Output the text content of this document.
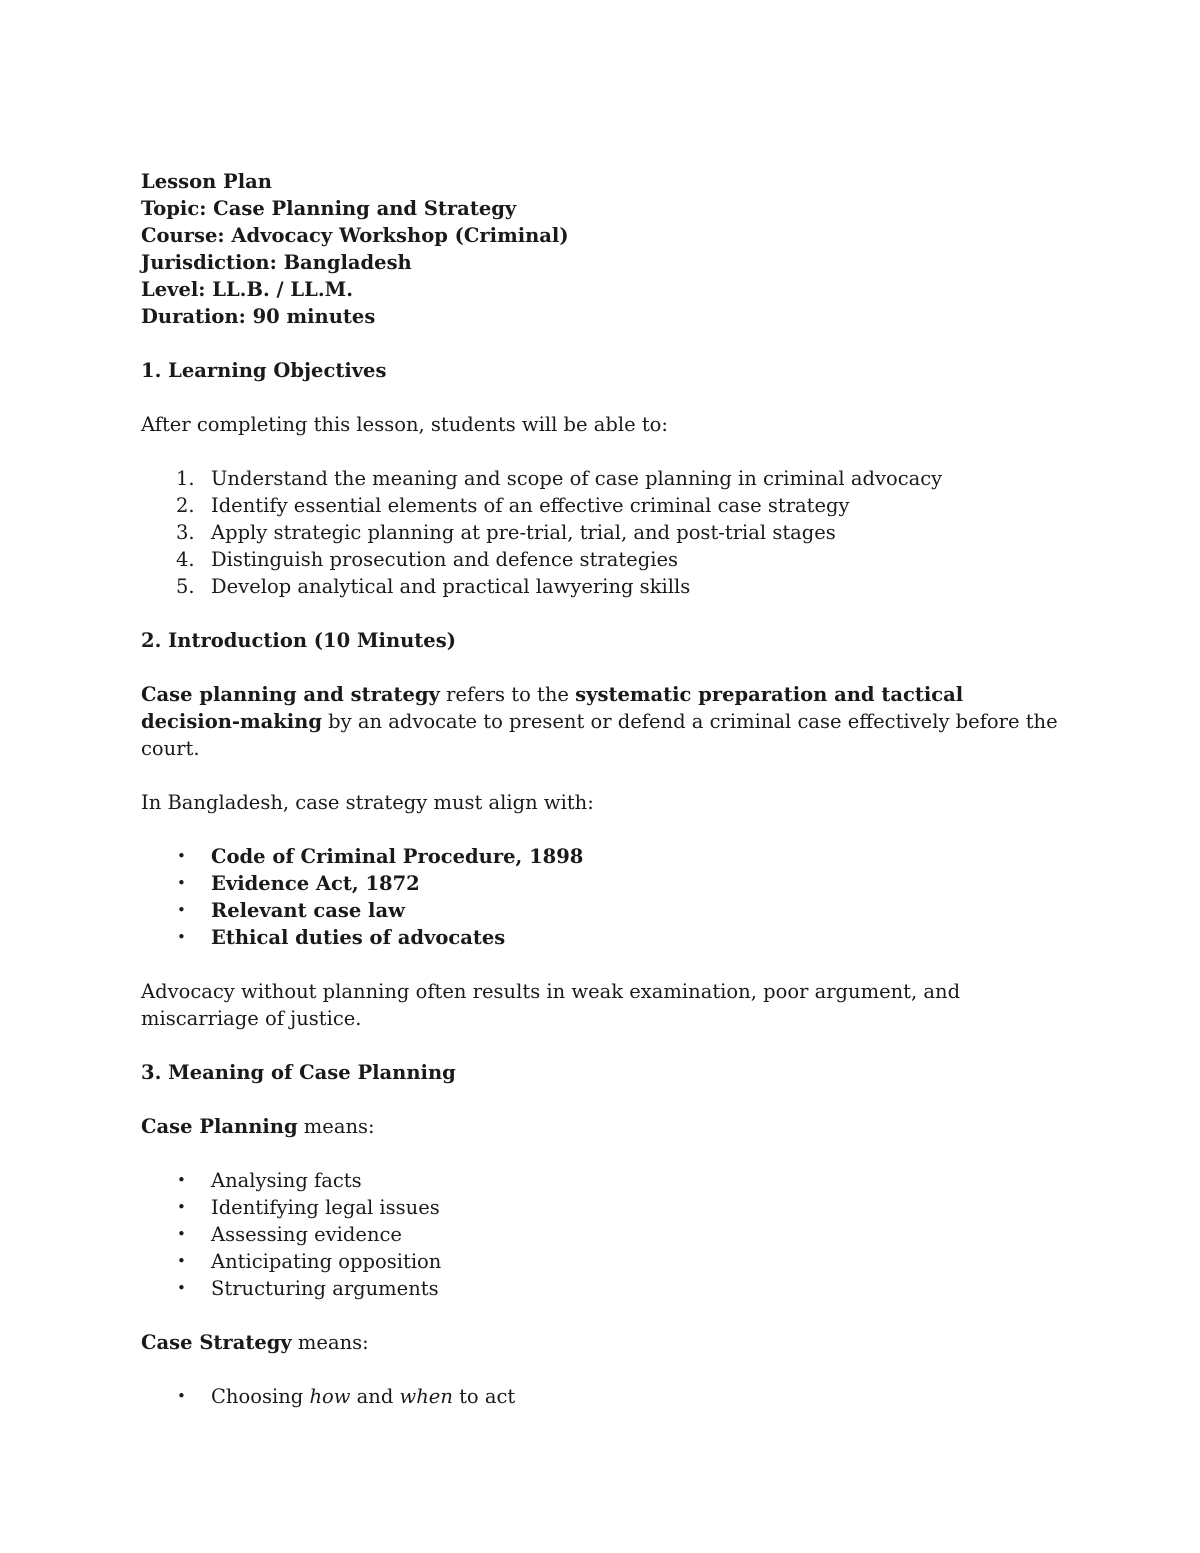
Lesson Plan

Topic: Case Planning and Strategy

Course: Advocacy Workshop (Criminal)

Jurisdiction: Bangladesh

Level: LL.B. / LL.M.

Duration: 90 minutes

1. Learning Objectives

After completing this lesson, students will be able to:

1. Understand the meaning and scope of case planning in criminal advocacy
2. Identify essential elements of an effective criminal case strategy
3. Apply strategic planning at pre-trial, trial, and post-trial stages
4. Distinguish prosecution and defence strategies
5. Develop analytical and practical lawyering skills

2. Introduction (10 Minutes)

Case planning and strategy refers to the systematic preparation and tactical decision-making by an advocate to present or defend a criminal case effectively before the court.

In Bangladesh, case strategy must align with:

• Code of Criminal Procedure, 1898
• Evidence Act, 1872
• Relevant case law
• Ethical duties of advocates

Advocacy without planning often results in weak examination, poor argument, and miscarriage of justice.

3. Meaning of Case Planning

Case Planning means:

• Analysing facts
• Identifying legal issues
• Assessing evidence
• Anticipating opposition
• Structuring arguments

Case Strategy means:

• Choosing how and when to act
